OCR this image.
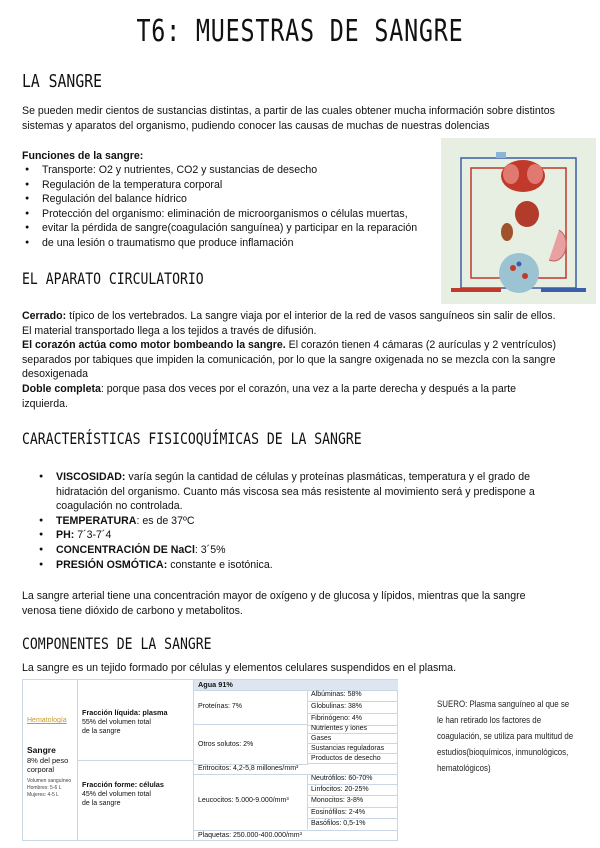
T6: MUESTRAS DE SANGRE
LA SANGRE

Se pueden medir cientos de sustancias distintas, a partir de las cuales obtener mucha información sobre distintos
sistemas y aparatos del organismo, pudiendo conocer las causas de muchas de nuestras dolencias

Funciones de la sangre:

● Transporte: O2 y nutrientes, CO2 y sustancias de desecho
● Regulación de la temperatura corporal
● Regulación del balance hídrico
● Protección del organismo: eliminación de microorganismos o células muertas,
● evitar la pérdida de sangre(coagulación sanguínea) y participar en la reparación
● de una lesión o traumatismo que produce inflamación
EL APARATO CIRCULATORIO

Cerrado: típico de los vertebrados. La sangre viaja por el interior de la red de vasos sanguíneos sin salir de ellos.
El material transportado llega a los tejidos a través de difusión.
El corazón actúa como motor bombeando la sangre. El corazón tienen 4 cámaras (2 aurículas y 2 ventrículos)
separados por tabiques que impiden la comunicación, por lo que la sangre oxigenada no se mezcla con la sangre
desoxigenada
Doble completa: porque pasa dos veces por el corazón, una vez a la parte derecha y después a la parte
izquierda.

CARACTERÍSTICAS FISICOQUÍMICAS DE LA SANGRE
● VISCOSIDAD: varía según la cantidad de células y proteínas plasmáticas, temperatura y el grado de
hidratación del organismo. Cuanto más viscosa sea más resistente al movimiento será y predispone a
coagulación no controlada.
● TEMPERATURA: es de 37ºC
● PH: 7´3-7´4
● CONCENTRACIÓN DE NaCl: 3´5%
● PRESIÓN OSMÓTICA: constante e isotónica.

La sangre arterial tiene una concentración mayor de oxígeno y de glucosa y lípidos, mientras que la sangre
venosa tiene dióxido de carbono y metabolitos.

COMPONENTES DE LA SANGRE

La sangre es un tejido formado por células y elementos celulares suspendidos en el plasma.

Hematología
Sangre
8% del peso
corporal
Volumen sanguíneo
Hombres: 5-6 L
Mujeres: 4-5 L
Fracción líquida: plasma
55% del volumen total
de la sangre
Fracción forme: células
45% del volumen total
de la sangre
Agua 91%
Proteínas: 7%
Otros solutos: 2%
Albúminas: 58%
Globulinas: 38%
Fibrinógeno: 4%
Nutrientes y iones
Gases
Sustancias reguladoras
Productos de desecho
Eritrocitos: 4,2-5,8 millones/mm³
Leucocitos: 5.000-9.000/mm³
Neutrófilos: 60-70%
Linfocitos: 20-25%
Monocitos: 3-8%
Eosinófilos: 2-4%
Basófilos: 0,5-1%
Plaquetas: 250.000-400.000/mm³
SUERO: Plasma sanguíneo al que se le han retirado los factores de coagulación, se utiliza para multitud de estudios(bioquímicos, inmunológicos, hematológicos)
